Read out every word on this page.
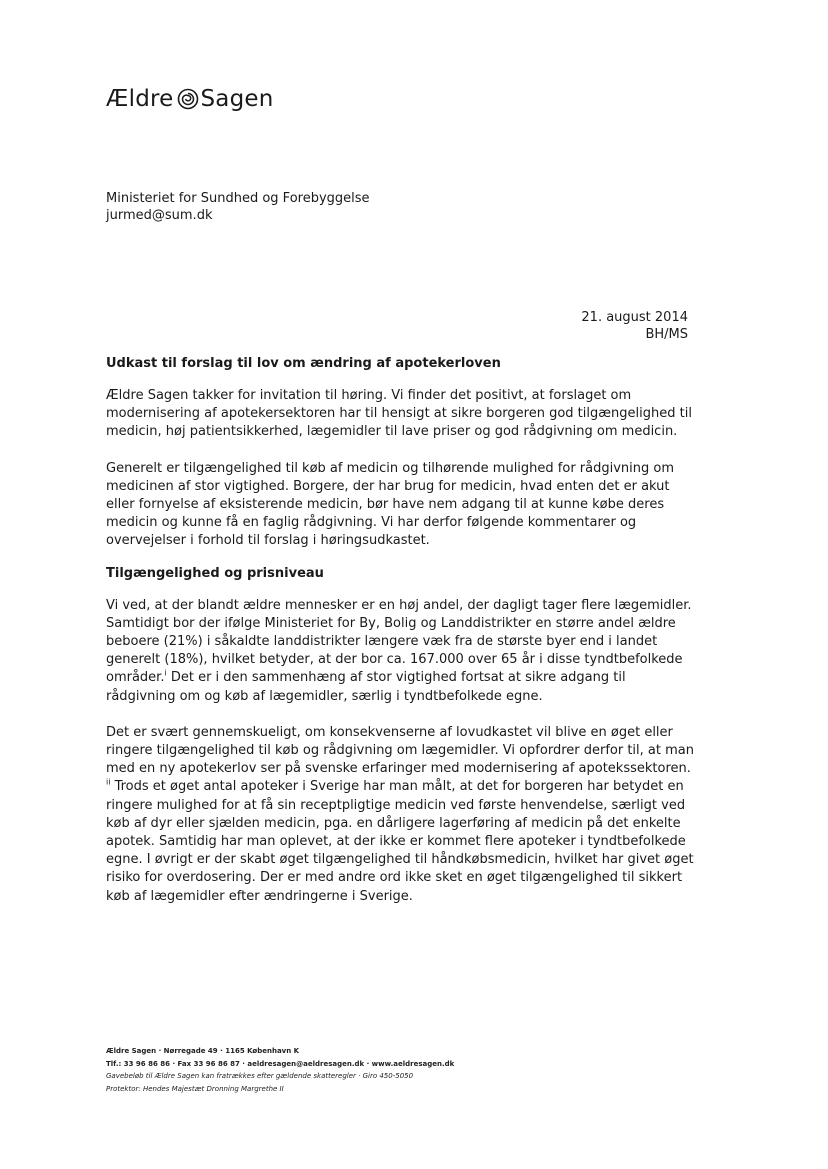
Ældre Sagen
Ministeriet for Sundhed og Forebyggelse
jurmed@sum.dk
21. august 2014
BH/MS
Udkast til forslag til lov om ændring af apotekerloven

Ældre Sagen takker for invitation til høring. Vi finder det positivt, at forslaget om modernisering af apotekersektoren har til hensigt at sikre borgeren god tilgængelighed til medicin, høj patientsikkerhed, lægemidler til lave priser og god rådgivning om medicin.

Generelt er tilgængelighed til køb af medicin og tilhørende mulighed for rådgivning om medicinen af stor vigtighed. Borgere, der har brug for medicin, hvad enten det er akut eller fornyelse af eksisterende medicin, bør have nem adgang til at kunne købe deres medicin og kunne få en faglig rådgivning. Vi har derfor følgende kommentarer og overvejelser i forhold til forslag i høringsudkastet.

Tilgængelighed og prisniveau

Vi ved, at der blandt ældre mennesker er en høj andel, der dagligt tager flere lægemidler. Samtidigt bor der ifølge Ministeriet for By, Bolig og Landdistrikter en større andel ældre beboere (21%) i såkaldte landdistrikter længere væk fra de største byer end i landet generelt (18%), hvilket betyder, at der bor ca. 167.000 over 65 år i disse tyndtbefolkede områder.$^i$ Det er i den sammenhæng af stor vigtighed fortsat at sikre adgang til rådgivning om og køb af lægemidler, særlig i tyndtbefolkede egne.

Det er svært gennemskueligt, om konsekvenserne af lovudkastet vil blive en øget eller ringere tilgængelighed til køb og rådgivning om lægemidler. Vi opfordrer derfor til, at man med en ny apotekerlov ser på svenske erfaringer med modernisering af apotekssektoren. $^{ii}$ Trods et øget antal apoteker i Sverige har man målt, at det for borgeren har betydet en ringere mulighed for at få sin receptpligtige medicin ved første henvendelse, særligt ved køb af dyr eller sjælden medicin, pga. en dårligere lagerføring af medicin på det enkelte apotek. Samtidig har man oplevet, at der ikke er kommet flere apoteker i tyndtbefolkede egne. I øvrigt er der skabt øget tilgængelighed til håndkøbsmedicin, hvilket har givet øget risiko for overdosering. Der er med andre ord ikke sket en øget tilgængelighed til sikkert køb af lægemidler efter ændringerne i Sverige.

Ældre Sagen · Nørregade 49 · 1165 København K
Tlf.: 33 96 86 86 · Fax 33 96 86 87 · aeldresagen@aeldresagen.dk · www.aeldresagen.dk
Gavebeløb til Ældre Sagen kan fratrækkes efter gældende skatteregler · Giro 450-5050
Protektor: Hendes Majestæt Dronning Margrethe II
